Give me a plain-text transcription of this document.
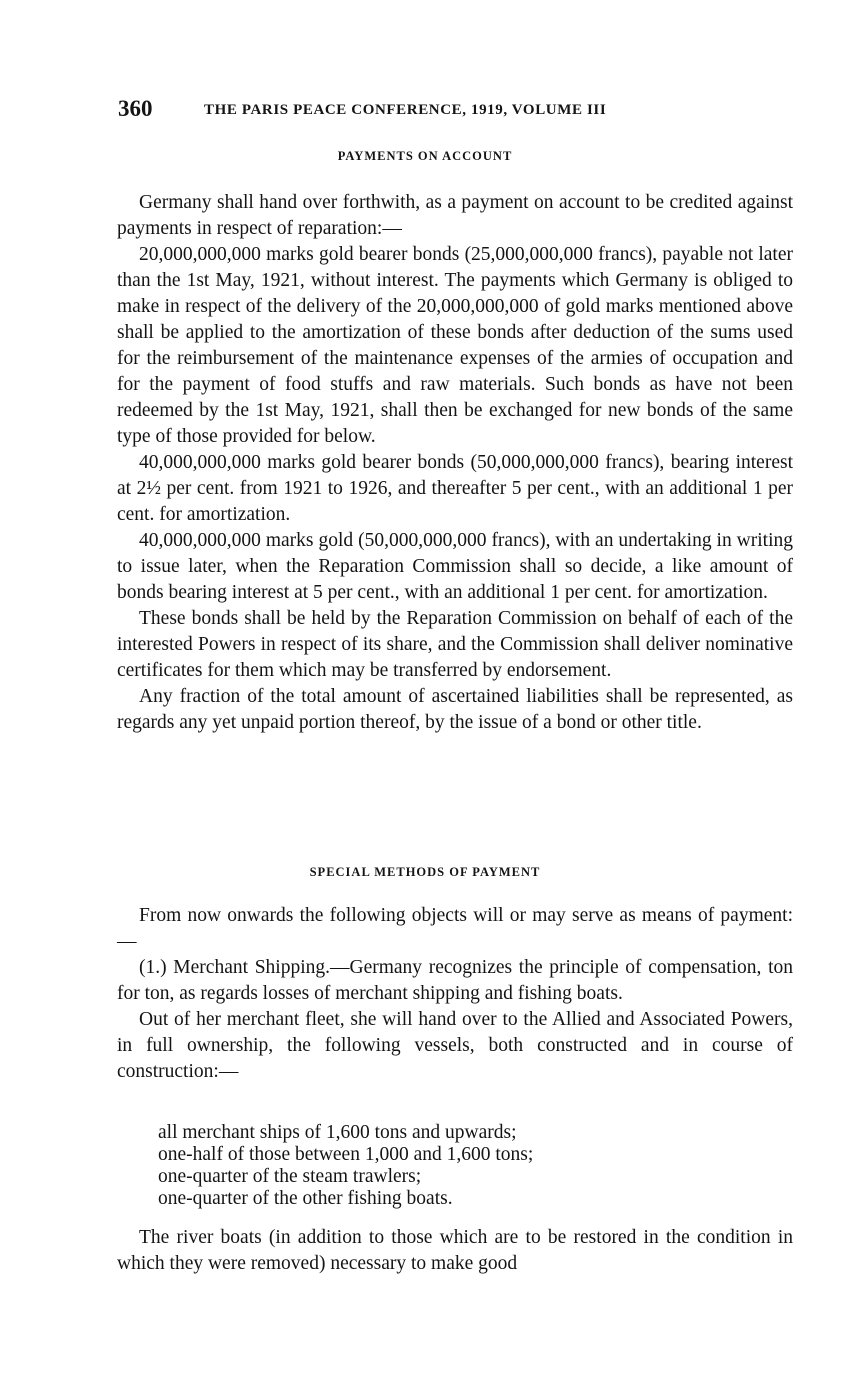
360	THE PARIS PEACE CONFERENCE, 1919, VOLUME III
PAYMENTS ON ACCOUNT

Germany shall hand over forthwith, as a payment on account to be credited against payments in respect of reparation:—

20,000,000,000 marks gold bearer bonds (25,000,000,000 francs), payable not later than the 1st May, 1921, without interest. The payments which Germany is obliged to make in respect of the delivery of the 20,000,000,000 of gold marks mentioned above shall be applied to the amortization of these bonds after deduction of the sums used for the reimbursement of the maintenance expenses of the armies of occupation and for the payment of food stuffs and raw materials. Such bonds as have not been redeemed by the 1st May, 1921, shall then be exchanged for new bonds of the same type of those provided for below.

40,000,000,000 marks gold bearer bonds (50,000,000,000 francs), bearing interest at 2½ per cent. from 1921 to 1926, and thereafter 5 per cent., with an additional 1 per cent. for amortization.

40,000,000,000 marks gold (50,000,000,000 francs), with an undertaking in writing to issue later, when the Reparation Commission shall so decide, a like amount of bonds bearing interest at 5 per cent., with an additional 1 per cent. for amortization.

These bonds shall be held by the Reparation Commission on behalf of each of the interested Powers in respect of its share, and the Commission shall deliver nominative certificates for them which may be transferred by endorsement.

Any fraction of the total amount of ascertained liabilities shall be represented, as regards any yet unpaid portion thereof, by the issue of a bond or other title.

SPECIAL METHODS OF PAYMENT

From now onwards the following objects will or may serve as means of payment:—

(1.) Merchant Shipping.—Germany recognizes the principle of compensation, ton for ton, as regards losses of merchant shipping and fishing boats.

Out of her merchant fleet, she will hand over to the Allied and Associated Powers, in full ownership, the following vessels, both constructed and in course of construction:—

all merchant ships of 1,600 tons and upwards;
one-half of those between 1,000 and 1,600 tons;
one-quarter of the steam trawlers;
one-quarter of the other fishing boats.

The river boats (in addition to those which are to be restored in the condition in which they were removed) necessary to make good
